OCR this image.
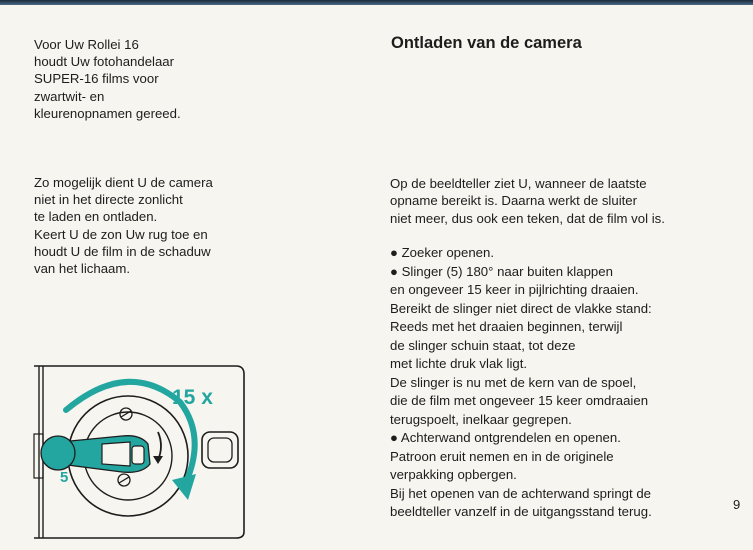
Voor Uw Rollei 16
houdt Uw fotohandelaar
SUPER-16 films voor
zwartwit- en
kleurenopnamen gereed.
Zo mogelijk dient U de camera
niet in het directe zonlicht
te laden en ontladen.
Keert U de zon Uw rug toe en
houdt U de film in de schaduw
van het lichaam.
15 x
5
Ontladen van de camera
Op de beeldteller ziet U, wanneer de laatste
opname bereikt is. Daarna werkt de sluiter
niet meer, dus ook een teken, dat de film vol is.
● Zoeker openen.
● Slinger (5) 180° naar buiten klappen
en ongeveer 15 keer in pijlrichting draaien.
Bereikt de slinger niet direct de vlakke stand:
Reeds met het draaien beginnen, terwijl
de slinger schuin staat, tot deze
met lichte druk vlak ligt.
De slinger is nu met de kern van de spoel,
die de film met ongeveer 15 keer omdraaien
terugspoelt, inelkaar gegrepen.
● Achterwand ontgrendelen en openen.
Patroon eruit nemen en in de originele
verpakking opbergen.
Bij het openen van de achterwand springt de
beeldteller vanzelf in de uitgangsstand terug.	9
